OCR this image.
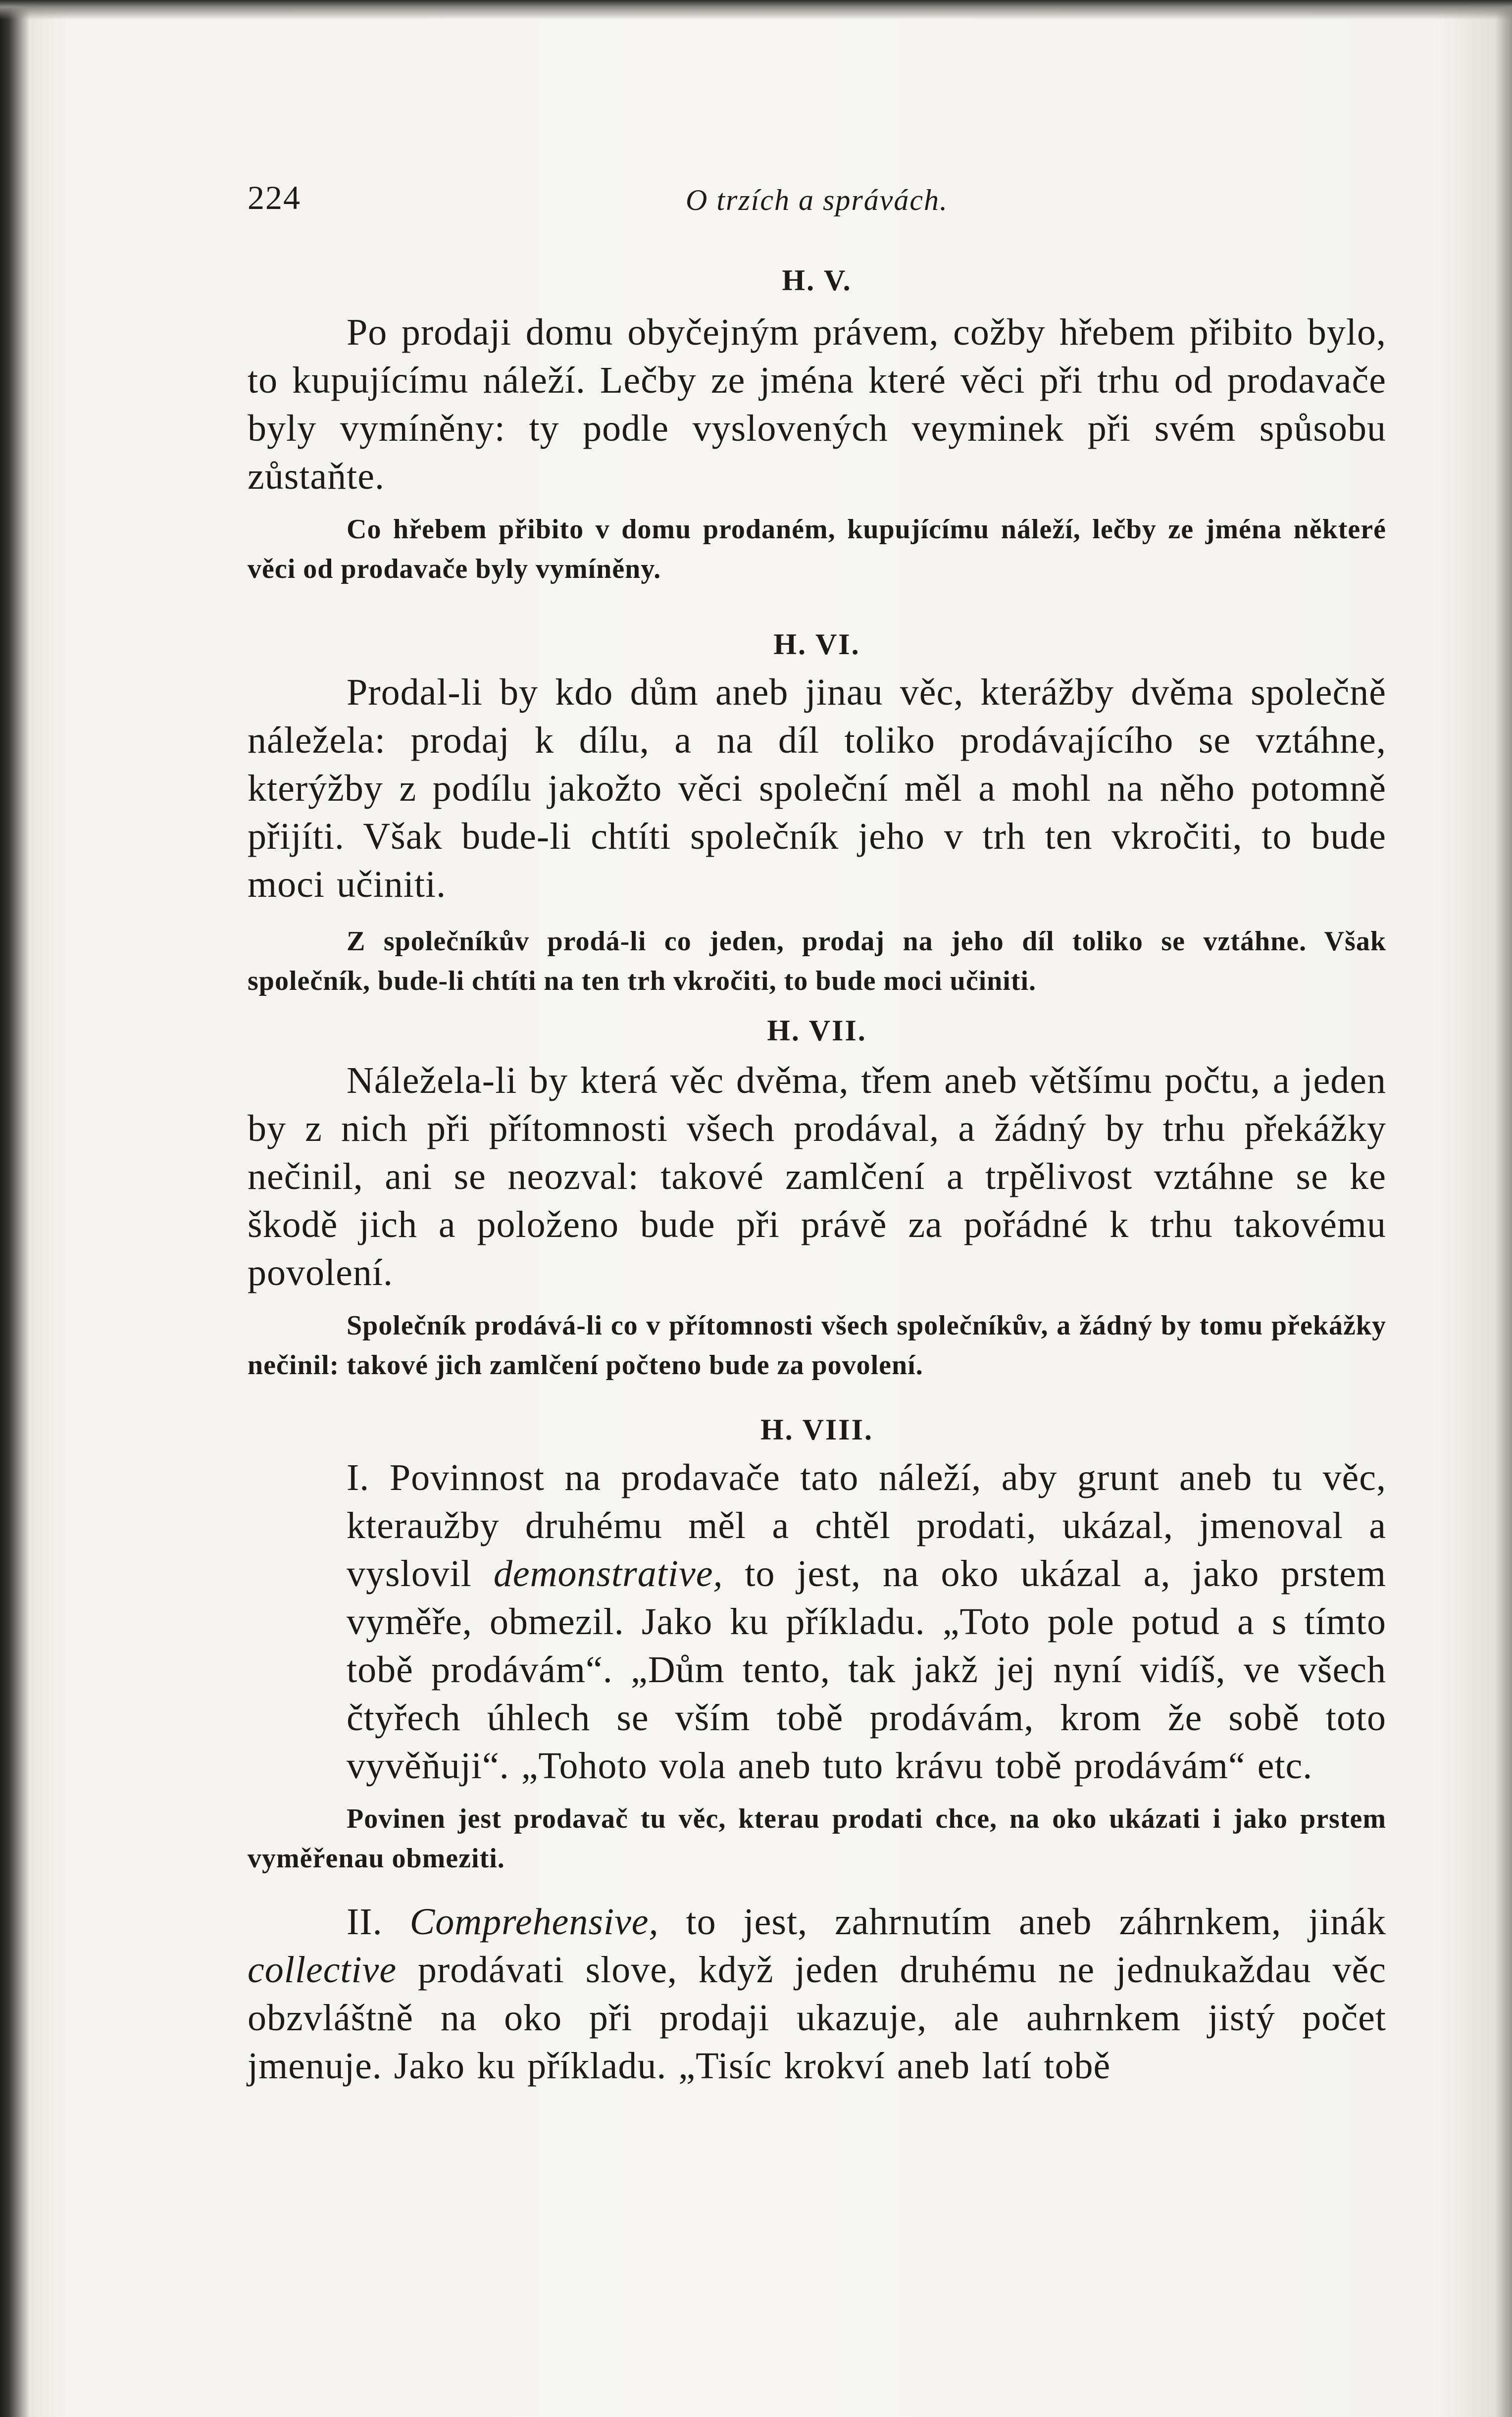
224	O trzích a správách.
H. V.

Po prodaji domu obyčejným právem, cožby hřebem přibito bylo, to kupujícímu náleží. Lečby ze jména které věci při trhu od prodavače byly vymíněny: ty podle vyslovených veyminek při svém spůsobu zůstaňte.

Co hřebem přibito v domu prodaném, kupujícímu náleží, lečby ze jména některé věci od prodavače byly vymíněny.

H. VI.

Prodal-li by kdo dům aneb jinau věc, kterážby dvěma společně náležela: prodaj k dílu, a na díl toliko prodávajícího se vztáhne, kterýžby z podílu jakožto věci společní měl a mohl na něho potomně přijíti. Však bude-li chtíti společník jeho v trh ten vkročiti, to bude moci učiniti.

Z společníkův prodá-li co jeden, prodaj na jeho díl toliko se vztáhne. Však společník, bude-li chtíti na ten trh vkročiti, to bude moci učiniti.

H. VII.

Náležela-li by která věc dvěma, třem aneb většímu počtu, a jeden by z nich při přítomnosti všech prodával, a žádný by trhu překážky nečinil, ani se neozval: takové zamlčení a trpělivost vztáhne se ke škodě jich a položeno bude při právě za pořádné k trhu takovému povolení.

Společník prodává-li co v přítomnosti všech společníkův, a žádný by tomu překážky nečinil: takové jich zamlčení počteno bude za povolení.

H. VIII.

I. Povinnost na prodavače tato náleží, aby grunt aneb tu věc, kteraužby druhému měl a chtěl prodati, ukázal, jmenoval a vyslovil demonstrative, to jest, na oko ukázal a, jako prstem vyměře, obmezil. Jako ku příkladu. „Toto pole potud a s tímto tobě prodávám“. „Dům tento, tak jakž jej nyní vidíš, ve všech čtyřech úhlech se vším tobě prodávám, krom že sobě toto vyvěňuji“. „Tohoto vola aneb tuto krávu tobě prodávám“ etc.

Povinen jest prodavač tu věc, kterau prodati chce, na oko ukázati i jako prstem vyměřenau obmeziti.

II. Comprehensive, to jest, zahrnutím aneb záhrnkem, jinák collective prodávati slove, když jeden druhému ne jednukaždau věc obzvláštně na oko při prodaji ukazuje, ale auhrnkem jistý počet jmenuje. Jako ku příkladu. „Tisíc krokví aneb latí tobě
